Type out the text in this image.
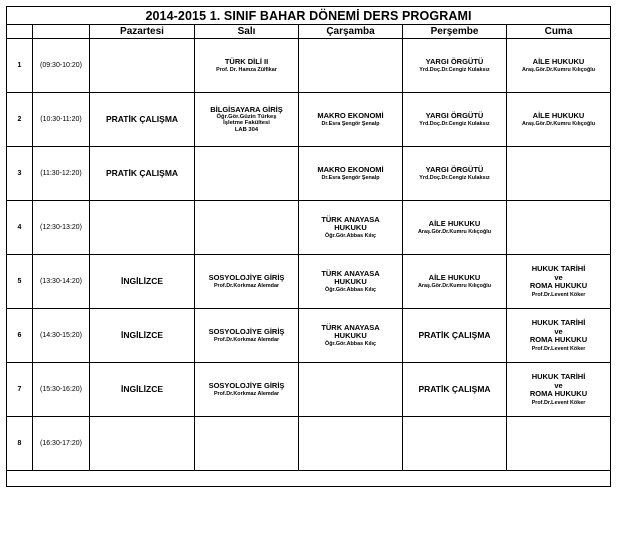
2014-2015 1. SINIF BAHAR DÖNEMİ DERS PROGRAMI						
		Pazartesi	Salı	Çarşamba	Perşembe	Cuma
1	(09:30-10:20)		TÜRK DİLİ II
Prof. Dr. Hamza Zülfikar		YARGI ÖRGÜTÜ
Yrd.Doç.Dr.Cengiz Kulaksız	AİLE HUKUKU
Araş.Gör.Dr.Kumru Kılıçoğlu

2	(10:30-11:20)	PRATİK ÇALIŞMA	BİLGİSAYARA GİRİŞ
Öğr.Gör.Güzin Türkeş
İşletme Fakültesi
LAB 304	MAKRO EKONOMİ
Dr.Esra Şengör Şenalp	YARGI ÖRGÜTÜ
Yrd.Doç.Dr.Cengiz Kulaksız	AİLE HUKUKU
Araş.Gör.Dr.Kumru Kılıçoğlu

3	(11:30-12:20)	PRATİK ÇALIŞMA		MAKRO EKONOMİ
Dr.Esra Şengör Şenalp	YARGI ÖRGÜTÜ
Yrd.Doç.Dr.Cengiz Kulaksız	

4	(12:30-13:20)			TÜRK ANAYASA
HUKUKU
Öğr.Gör.Abbas Kılıç	AİLE HUKUKU
Araş.Gör.Dr.Kumru Kılıçoğlu	

5	(13:30-14:20)	İNGİLİZCE	SOSYOLOJİYE GİRİŞ
Prof.Dr.Korkmaz Alemdar	TÜRK ANAYASA
HUKUKU
Öğr.Gör.Abbas Kılıç	AİLE HUKUKU
Araş.Gör.Dr.Kumru Kılıçoğlu	HUKUK TARİHİ
ve
ROMA HUKUKU
Prof.Dr.Levent Köker

6	(14:30-15:20)	İNGİLİZCE	SOSYOLOJİYE GİRİŞ
Prof.Dr.Korkmaz Alemdar	TÜRK ANAYASA
HUKUKU
Öğr.Gör.Abbas Kılıç	PRATİK ÇALIŞMA	HUKUK TARİHİ
ve
ROMA HUKUKU
Prof.Dr.Levent Köker

7	(15:30-16:20)	İNGİLİZCE	SOSYOLOJİYE GİRİŞ
Prof.Dr.Korkmaz Alemdar		PRATİK ÇALIŞMA	HUKUK TARİHİ
ve
ROMA HUKUKU
Prof.Dr.Levent Köker

8	(16:30-17:20)					
